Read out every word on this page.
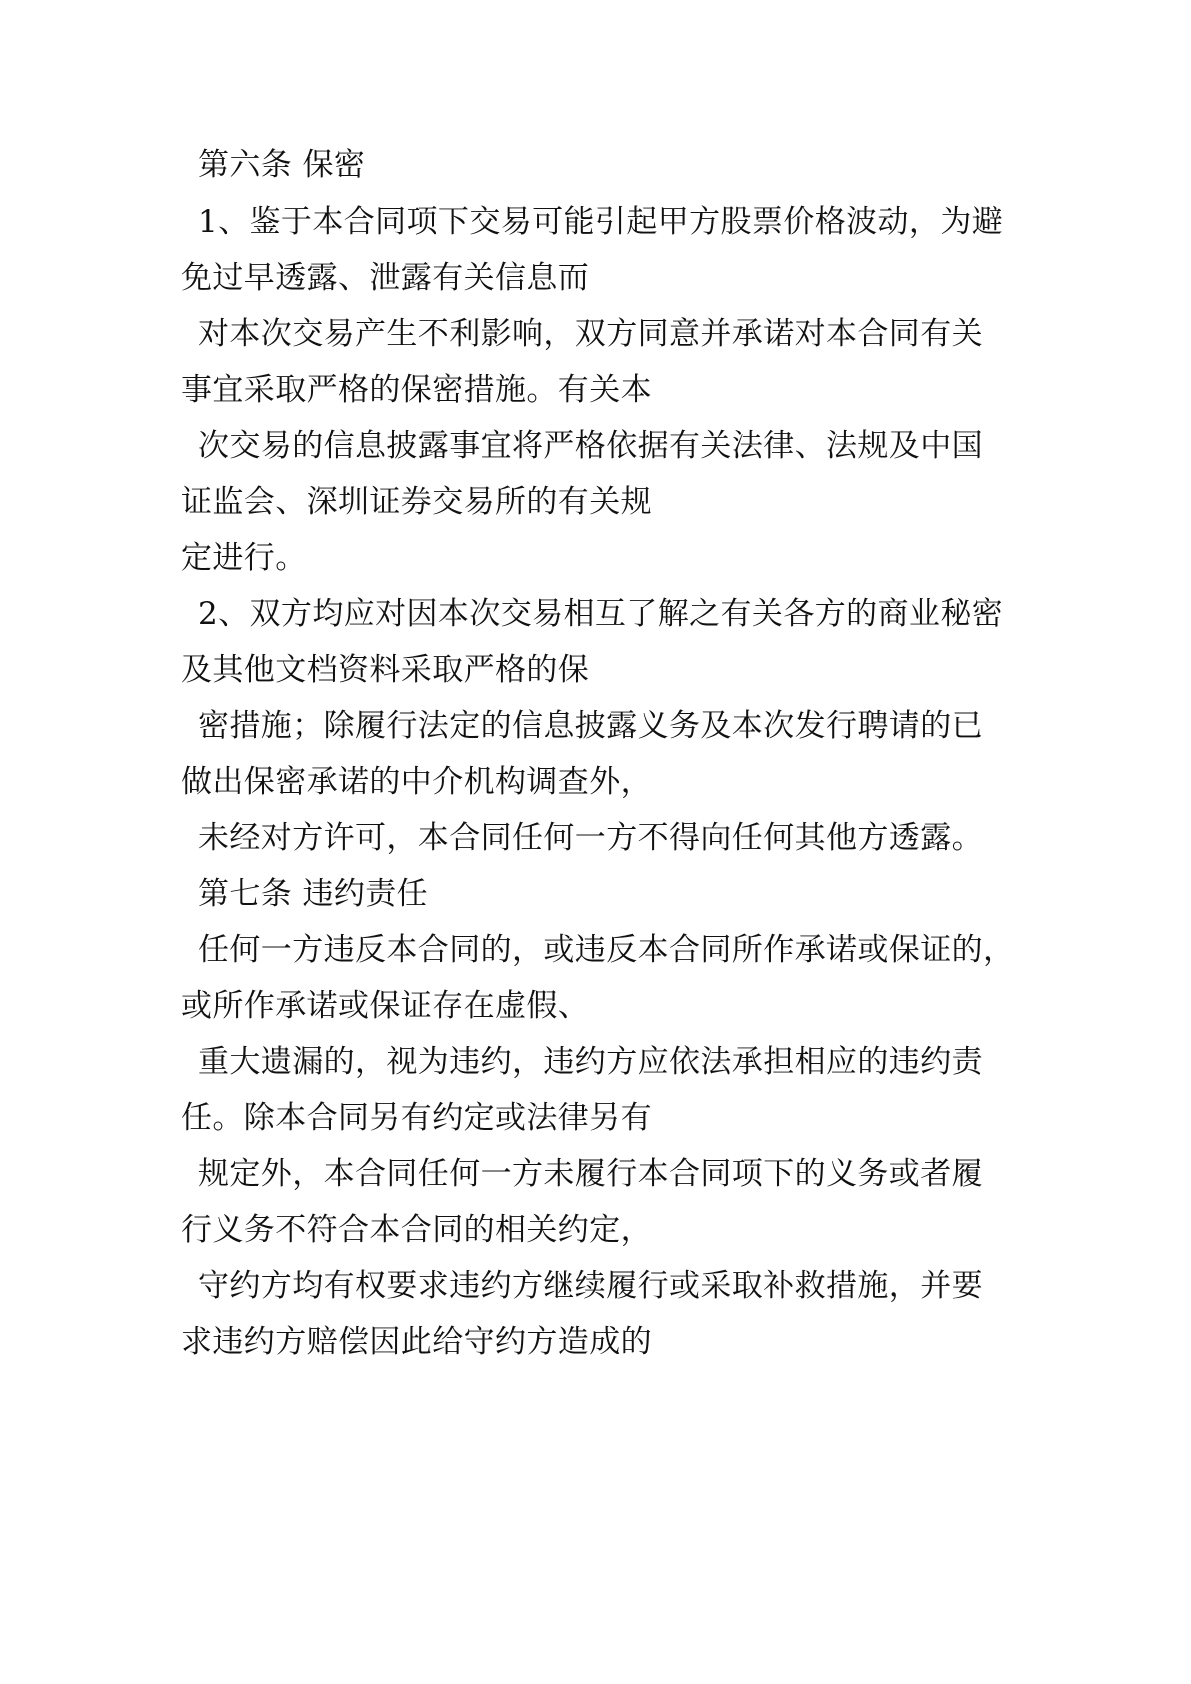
第六条 保密
1、鉴于本合同项下交易可能引起甲方股票价格波动，为避
免过早透露、泄露有关信息而
对本次交易产生不利影响，双方同意并承诺对本合同有关
事宜采取严格的保密措施。有关本
次交易的信息披露事宜将严格依据有关法律、法规及中国
证监会、深圳证券交易所的有关规
定进行。
2、双方均应对因本次交易相互了解之有关各方的商业秘密
及其他文档资料采取严格的保
密措施；除履行法定的信息披露义务及本次发行聘请的已
做出保密承诺的中介机构调查外，
未经对方许可，本合同任何一方不得向任何其他方透露。
第七条 违约责任
任何一方违反本合同的，或违反本合同所作承诺或保证的，
或所作承诺或保证存在虚假、
重大遗漏的，视为违约，违约方应依法承担相应的违约责
任。除本合同另有约定或法律另有
规定外，本合同任何一方未履行本合同项下的义务或者履
行义务不符合本合同的相关约定，
守约方均有权要求违约方继续履行或采取补救措施，并要
求违约方赔偿因此给守约方造成的
